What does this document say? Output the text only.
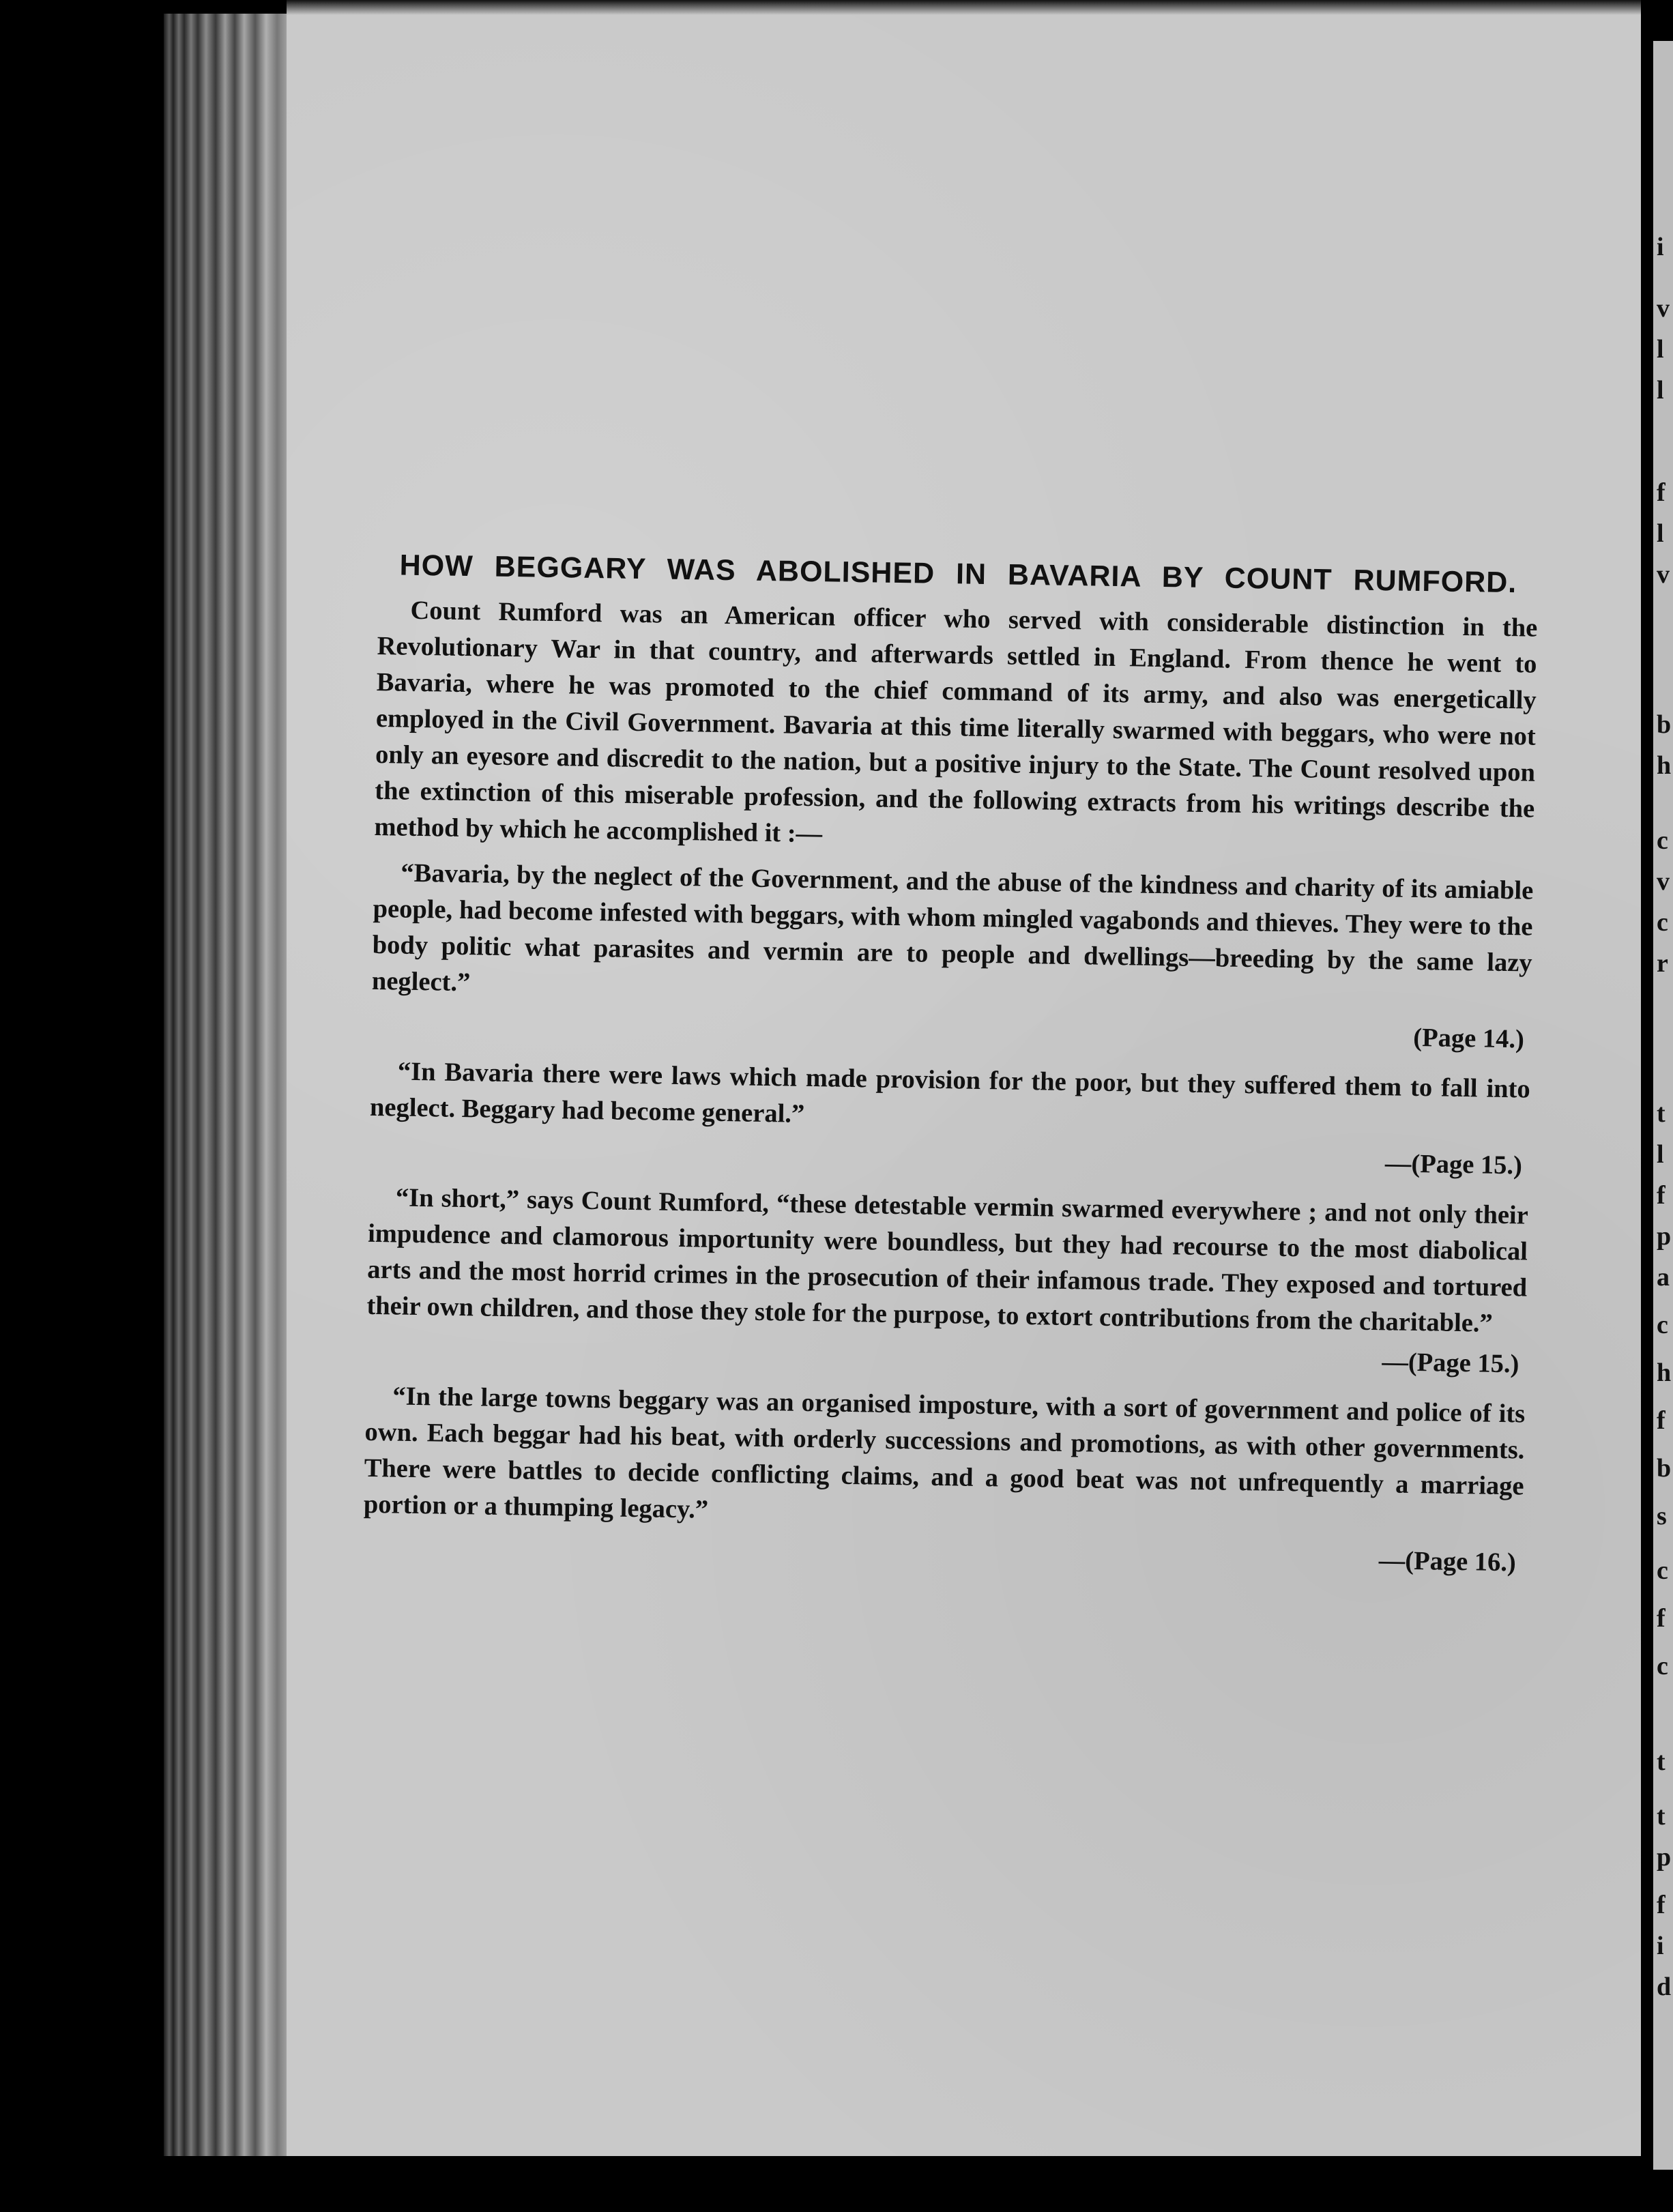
i
v
l
l
f
l
v
b
h
c
v
c
r
t
l
f
p
a
c
h
f
b
s
c
f
c
t
t
p
f
i
d
HOW BEGGARY WAS ABOLISHED IN BAVARIA BY COUNT RUMFORD.

Count Rumford was an American officer who served with considerable distinction in the Revolutionary War in that country, and afterwards settled in England. From thence he went to Bavaria, where he was promoted to the chief command of its army, and also was energetically employed in the Civil Government. Bavaria at this time literally swarmed with beggars, who were not only an eyesore and discredit to the nation, but a positive injury to the State. The Count resolved upon the extinction of this miserable profession, and the following extracts from his writings describe the method by which he accomplished it :—

“Bavaria, by the neglect of the Government, and the abuse of the kindness and charity of its amiable people, had become infested with beggars, with whom mingled vagabonds and thieves. They were to the body politic what parasites and vermin are to people and dwellings—breeding by the same lazy neglect.”

(Page 14.)

“In Bavaria there were laws which made provision for the poor, but they suffered them to fall into neglect. Beggary had become general.”

—(Page 15.)

“In short,” says Count Rumford, “these detestable vermin swarmed everywhere ; and not only their impudence and clamorous importunity were boundless, but they had recourse to the most diabolical arts and the most horrid crimes in the prosecution of their infamous trade. They exposed and tortured their own children, and those they stole for the purpose, to extort contributions from the charitable.”

—(Page 15.)

“In the large towns beggary was an organised imposture, with a sort of government and police of its own. Each beggar had his beat, with orderly successions and promotions, as with other governments. There were battles to decide conflicting claims, and a good beat was not unfrequently a marriage portion or a thumping legacy.”

—(Page 16.)
